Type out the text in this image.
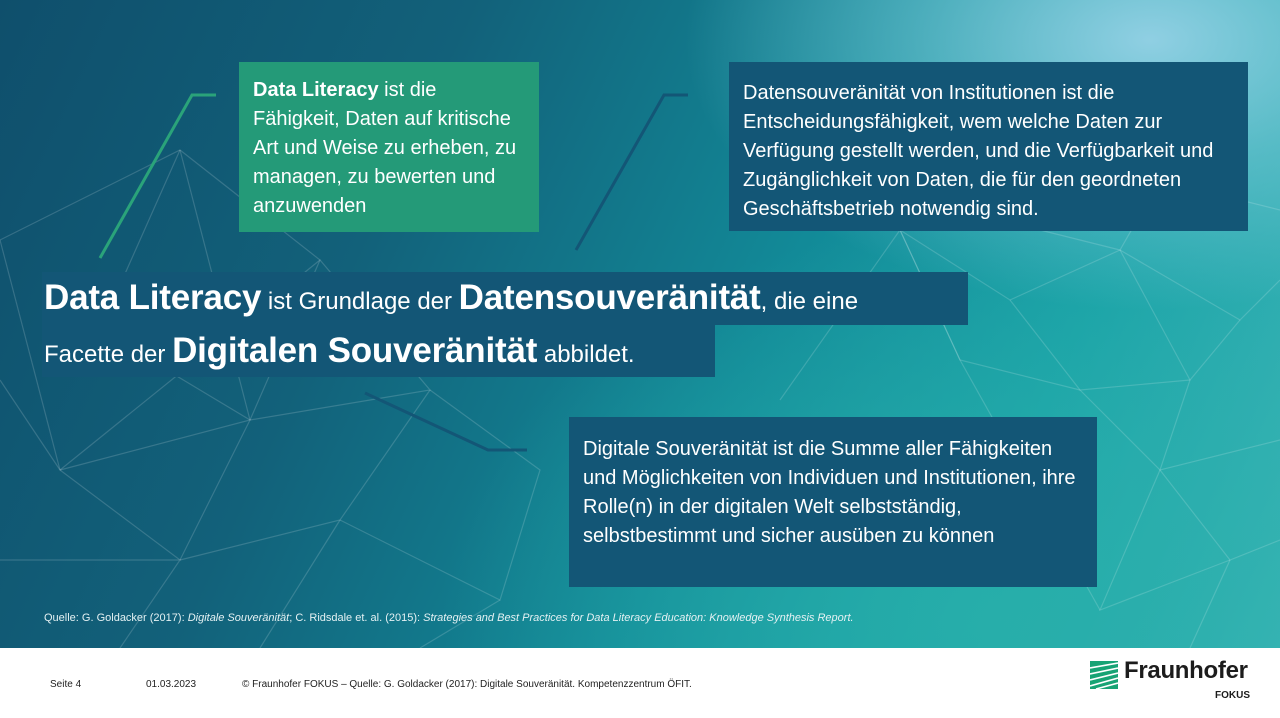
Data Literacy ist die Fähigkeit, Daten auf kritische Art und Weise zu erheben, zu managen, zu bewerten und anzuwenden
Datensouveränität von Institutionen ist die Entscheidungsfähigkeit, wem welche Daten zur Verfügung gestellt werden, und die Verfügbarkeit und Zugänglichkeit von Daten, die für den geordneten Geschäftsbetrieb notwendig sind.
Digitale Souveränität ist die Summe aller Fähigkeiten und Möglichkeiten von Individuen und Institutionen, ihre Rolle(n) in der digitalen Welt selbstständig, selbstbestimmt und sicher ausüben zu können
Data Literacy ist Grundlage der Datensouveränität, die eine
Facette der Digitalen Souveränität abbildet.
Quelle: G. Goldacker (2017): Digitale Souveränität; C. Ridsdale et. al. (2015): Strategies and Best Practices for Data Literacy Education: Knowledge Synthesis Report.
Seite 4	01.03.2023	© Fraunhofer FOKUS – Quelle: G. Goldacker (2017): Digitale Souveränität. Kompetenzzentrum ÖFIT.
Fraunhofer
FOKUS
